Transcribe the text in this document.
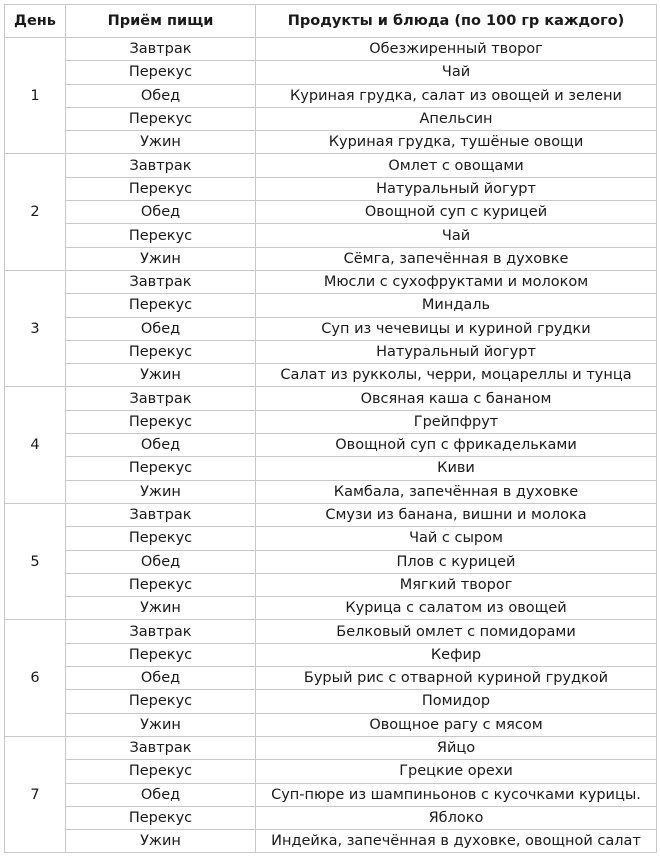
День	Приём пищи	Продукты и блюда (по 100 гр каждого)
1	Завтрак	Обезжиренный творог
	Перекус	Чай
	Обед	Куриная грудка, салат из овощей и зелени
	Перекус	Апельсин
	Ужин	Куриная грудка, тушёные овощи
2	Завтрак	Омлет с овощами
	Перекус	Натуральный йогурт
	Обед	Овощной суп с курицей
	Перекус	Чай
	Ужин	Сёмга, запечённая в духовке
3	Завтрак	Мюсли с сухофруктами и молоком
	Перекус	Миндаль
	Обед	Суп из чечевицы и куриной грудки
	Перекус	Натуральный йогурт
	Ужин	Салат из рукколы, черри, моцареллы и тунца
4	Завтрак	Овсяная каша с бананом
	Перекус	Грейпфрут
	Обед	Овощной суп с фрикадельками
	Перекус	Киви
	Ужин	Камбала, запечённая в духовке
5	Завтрак	Смузи из банана, вишни и молока
	Перекус	Чай с сыром
	Обед	Плов с курицей
	Перекус	Мягкий творог
	Ужин	Курица с салатом из овощей
6	Завтрак	Белковый омлет с помидорами
	Перекус	Кефир
	Обед	Бурый рис с отварной куриной грудкой
	Перекус	Помидор
	Ужин	Овощное рагу с мясом
7	Завтрак	Яйцо
	Перекус	Грецкие орехи
	Обед	Суп-пюре из шампиньонов с кусочками курицы.
	Перекус	Яблоко
	Ужин	Индейка, запечённая в духовке, овощной салат
